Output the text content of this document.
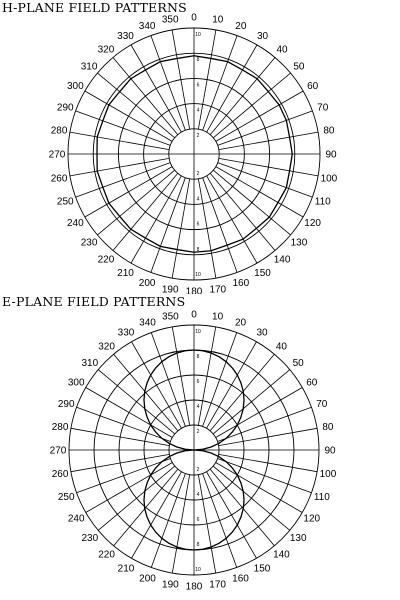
H-PLANE FIELD PATTERNS
0 10
20
30
40
50
60
70
80
90
100
110
120
130
140
150
160
170
180
190
200
210
220
230
240
250
260
270
280
290
300
310
320
330
340
350
2
2
4
4
6
6
8
8
10
10
E-PLANE FIELD PATTERNS
0 10
20
30
40
50
60
70
80
90
100
110
120
130
140
150
160
170
180
190
200
210
220
230
240
250
260
270
280
290
300
310
320
330
340
350
2
2
4
4
6
6
8
8
10
10
